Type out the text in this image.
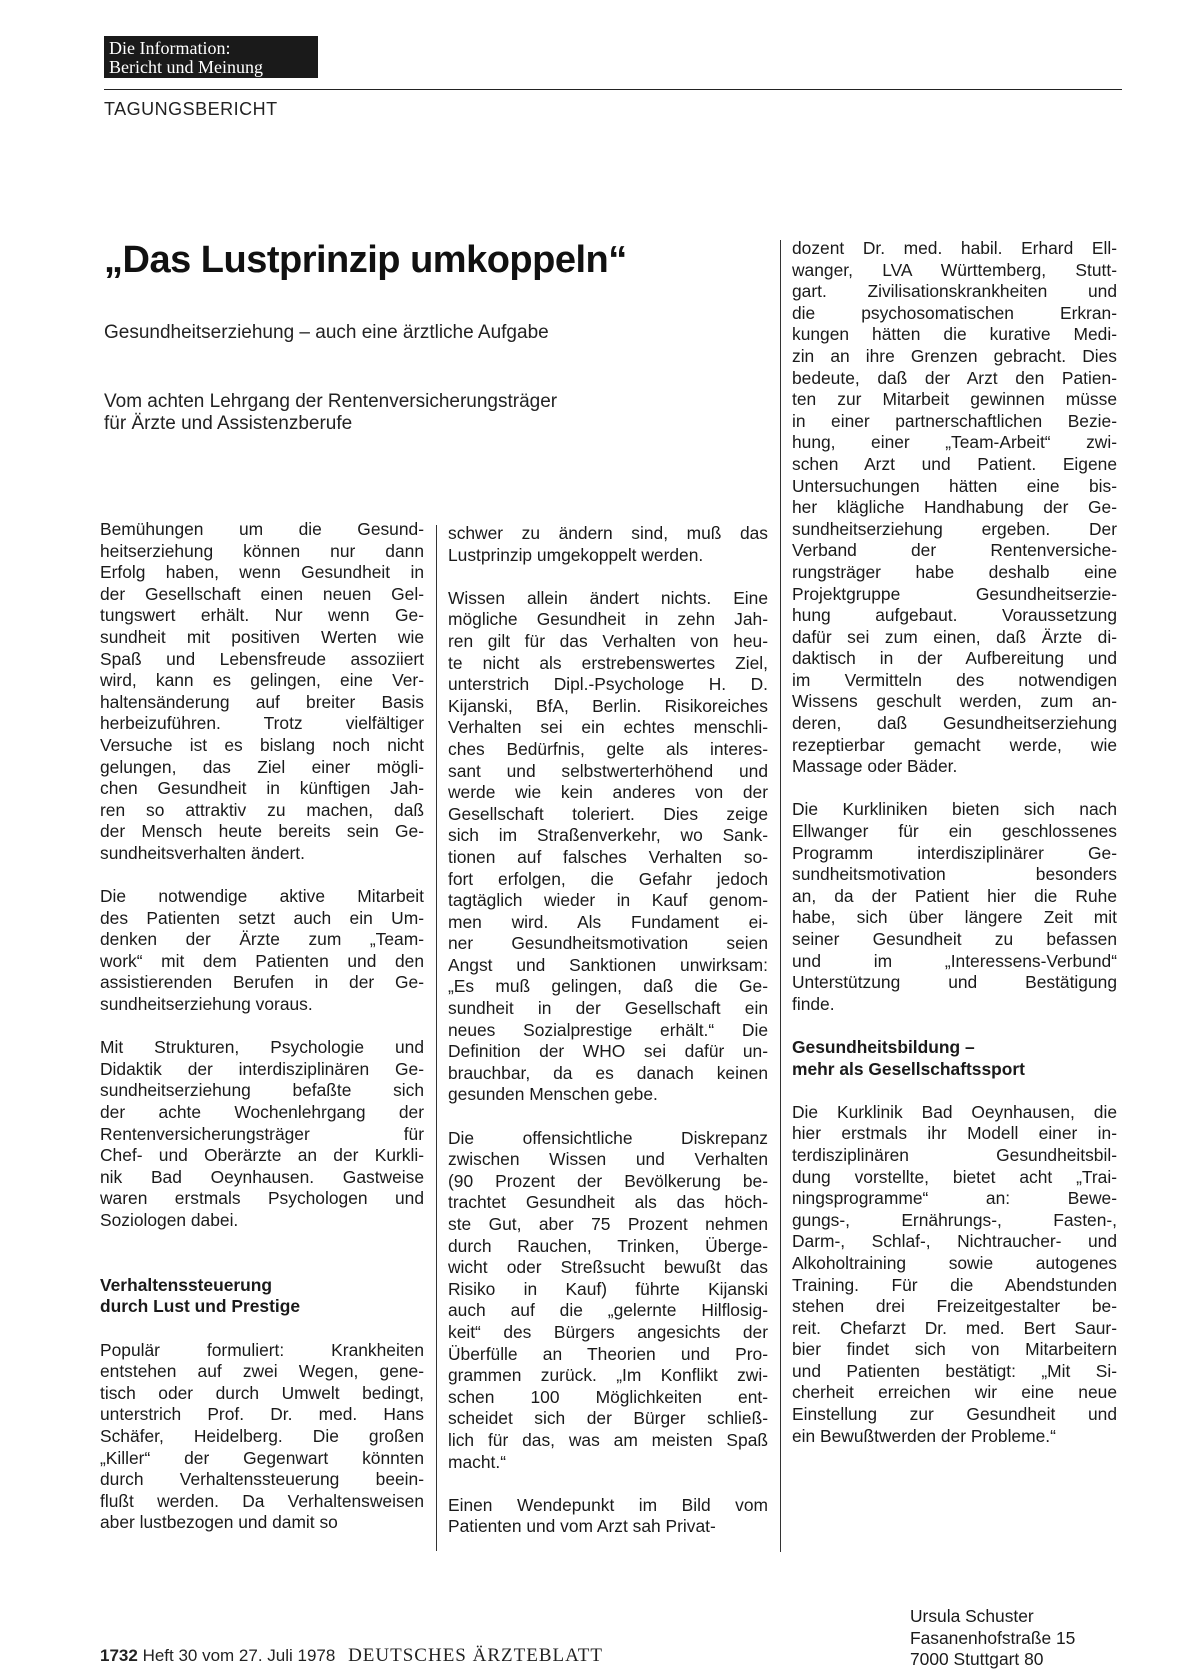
Die Information:
Bericht und Meinung
TAGUNGSBERICHT
„Das Lustprinzip umkoppeln“
Gesundheitserziehung – auch eine ärztliche Aufgabe
Vom achten Lehrgang der Rentenversicherungsträger
für Ärzte und Assistenzberufe
Bemühungen um die Gesund-
heitserziehung können nur dann
Erfolg haben, wenn Gesundheit in
der Gesellschaft einen neuen Gel-
tungswert erhält. Nur wenn Ge-
sundheit mit positiven Werten wie
Spaß und Lebensfreude assoziiert
wird, kann es gelingen, eine Ver-
haltensänderung auf breiter Basis
herbeizuführen. Trotz vielfältiger
Versuche ist es bislang noch nicht
gelungen, das Ziel einer mögli-
chen Gesundheit in künftigen Jah-
ren so attraktiv zu machen, daß
der Mensch heute bereits sein Ge-
sundheitsverhalten ändert.
Die notwendige aktive Mitarbeit
des Patienten setzt auch ein Um-
denken der Ärzte zum „Team-
work“ mit dem Patienten und den
assistierenden Berufen in der Ge-
sundheitserziehung voraus.
Mit Strukturen, Psychologie und
Didaktik der interdisziplinären Ge-
sundheitserziehung befaßte sich
der achte Wochenlehrgang der
Rentenversicherungsträger für
Chef- und Oberärzte an der Kurkli-
nik Bad Oeynhausen. Gastweise
waren erstmals Psychologen und
Soziologen dabei.
Verhaltenssteuerung
durch Lust und Prestige
Populär formuliert: Krankheiten
entstehen auf zwei Wegen, gene-
tisch oder durch Umwelt bedingt,
unterstrich Prof. Dr. med. Hans
Schäfer, Heidelberg. Die großen
„Killer“ der Gegenwart könnten
durch Verhaltenssteuerung beein-
flußt werden. Da Verhaltensweisen
aber lustbezogen und damit so
schwer zu ändern sind, muß das
Lustprinzip umgekoppelt werden.
Wissen allein ändert nichts. Eine
mögliche Gesundheit in zehn Jah-
ren gilt für das Verhalten von heu-
te nicht als erstrebenswertes Ziel,
unterstrich Dipl.-Psychologe H. D.
Kijanski, BfA, Berlin. Risikoreiches
Verhalten sei ein echtes menschli-
ches Bedürfnis, gelte als interes-
sant und selbstwerterhöhend und
werde wie kein anderes von der
Gesellschaft toleriert. Dies zeige
sich im Straßenverkehr, wo Sank-
tionen auf falsches Verhalten so-
fort erfolgen, die Gefahr jedoch
tagtäglich wieder in Kauf genom-
men wird. Als Fundament ei-
ner Gesundheitsmotivation seien
Angst und Sanktionen unwirksam:
„Es muß gelingen, daß die Ge-
sundheit in der Gesellschaft ein
neues Sozialprestige erhält.“ Die
Definition der WHO sei dafür un-
brauchbar, da es danach keinen
gesunden Menschen gebe.
Die offensichtliche Diskrepanz
zwischen Wissen und Verhalten
(90 Prozent der Bevölkerung be-
trachtet Gesundheit als das höch-
ste Gut, aber 75 Prozent nehmen
durch Rauchen, Trinken, Überge-
wicht oder Streßsucht bewußt das
Risiko in Kauf) führte Kijanski
auch auf die „gelernte Hilflosig-
keit“ des Bürgers angesichts der
Überfülle an Theorien und Pro-
grammen zurück. „Im Konflikt zwi-
schen 100 Möglichkeiten ent-
scheidet sich der Bürger schließ-
lich für das, was am meisten Spaß
macht.“
Einen Wendepunkt im Bild vom
Patienten und vom Arzt sah Privat-
dozent Dr. med. habil. Erhard Ell-
wanger, LVA Württemberg, Stutt-
gart. Zivilisationskrankheiten und
die psychosomatischen Erkran-
kungen hätten die kurative Medi-
zin an ihre Grenzen gebracht. Dies
bedeute, daß der Arzt den Patien-
ten zur Mitarbeit gewinnen müsse
in einer partnerschaftlichen Bezie-
hung, einer „Team-Arbeit“ zwi-
schen Arzt und Patient. Eigene
Untersuchungen hätten eine bis-
her klägliche Handhabung der Ge-
sundheitserziehung ergeben. Der
Verband der Rentenversiche-
rungsträger habe deshalb eine
Projektgruppe Gesundheitserzie-
hung aufgebaut. Voraussetzung
dafür sei zum einen, daß Ärzte di-
daktisch in der Aufbereitung und
im Vermitteln des notwendigen
Wissens geschult werden, zum an-
deren, daß Gesundheitserziehung
rezeptierbar gemacht werde, wie
Massage oder Bäder.
Die Kurkliniken bieten sich nach
Ellwanger für ein geschlossenes
Programm interdisziplinärer Ge-
sundheitsmotivation besonders
an, da der Patient hier die Ruhe
habe, sich über längere Zeit mit
seiner Gesundheit zu befassen
und im „Interessens-Verbund“
Unterstützung und Bestätigung
finde.
Gesundheitsbildung –
mehr als Gesellschaftssport
Die Kurklinik Bad Oeynhausen, die
hier erstmals ihr Modell einer in-
terdisziplinären Gesundheitsbil-
dung vorstellte, bietet acht „Trai-
ningsprogramme“ an: Bewe-
gungs-, Ernährungs-, Fasten-,
Darm-, Schlaf-, Nichtraucher- und
Alkoholtraining sowie autogenes
Training. Für die Abendstunden
stehen drei Freizeitgestalter be-
reit. Chefarzt Dr. med. Bert Saur-
bier findet sich von Mitarbeitern
und Patienten bestätigt: „Mit Si-
cherheit erreichen wir eine neue
Einstellung zur Gesundheit und
ein Bewußtwerden der Probleme.“
Ursula Schuster
Fasanenhofstraße 15
7000 Stuttgart 80
1732 Heft 30 vom 27. Juli 1978 DEUTSCHES ÄRZTEBLATT
